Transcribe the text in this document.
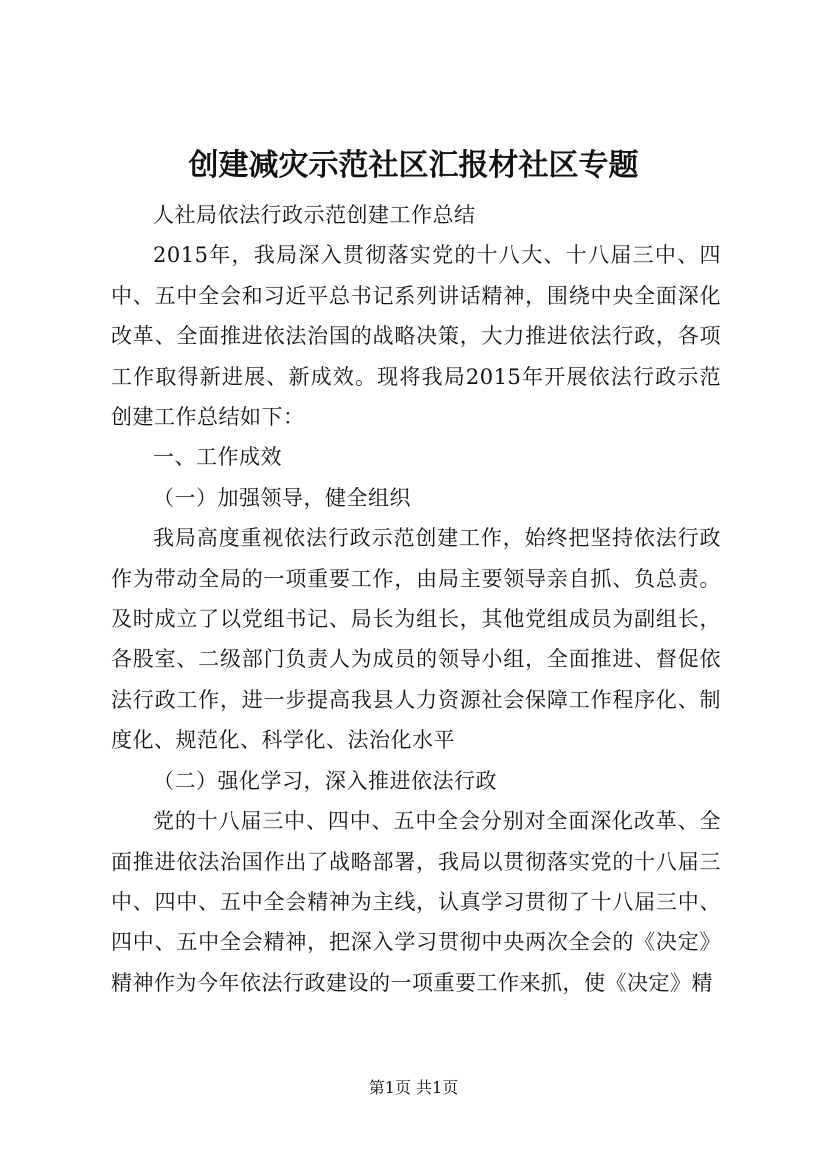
创建减灾示范社区汇报材社区专题

人社局依法行政示范创建工作总结

2015年，我局深入贯彻落实党的十八大、十八届三中、四中、五中全会和习近平总书记系列讲话精神，围绕中央全面深化改革、全面推进依法治国的战略决策，大力推进依法行政，各项工作取得新进展、新成效。现将我局2015年开展依法行政示范创建工作总结如下：

一、工作成效

（一）加强领导，健全组织

我局高度重视依法行政示范创建工作，始终把坚持依法行政作为带动全局的一项重要工作，由局主要领导亲自抓、负总责。及时成立了以党组书记、局长为组长，其他党组成员为副组长，各股室、二级部门负责人为成员的领导小组，全面推进、督促依法行政工作，进一步提高我县人力资源社会保障工作程序化、制度化、规范化、科学化、法治化水平

（二）强化学习，深入推进依法行政

党的十八届三中、四中、五中全会分别对全面深化改革、全面推进依法治国作出了战略部署，我局以贯彻落实党的十八届三中、四中、五中全会精神为主线，认真学习贯彻了十八届三中、四中、五中全会精神，把深入学习贯彻中央两次全会的《决定》精神作为今年依法行政建设的一项重要工作来抓，使《决定》精

第1页 共1页
